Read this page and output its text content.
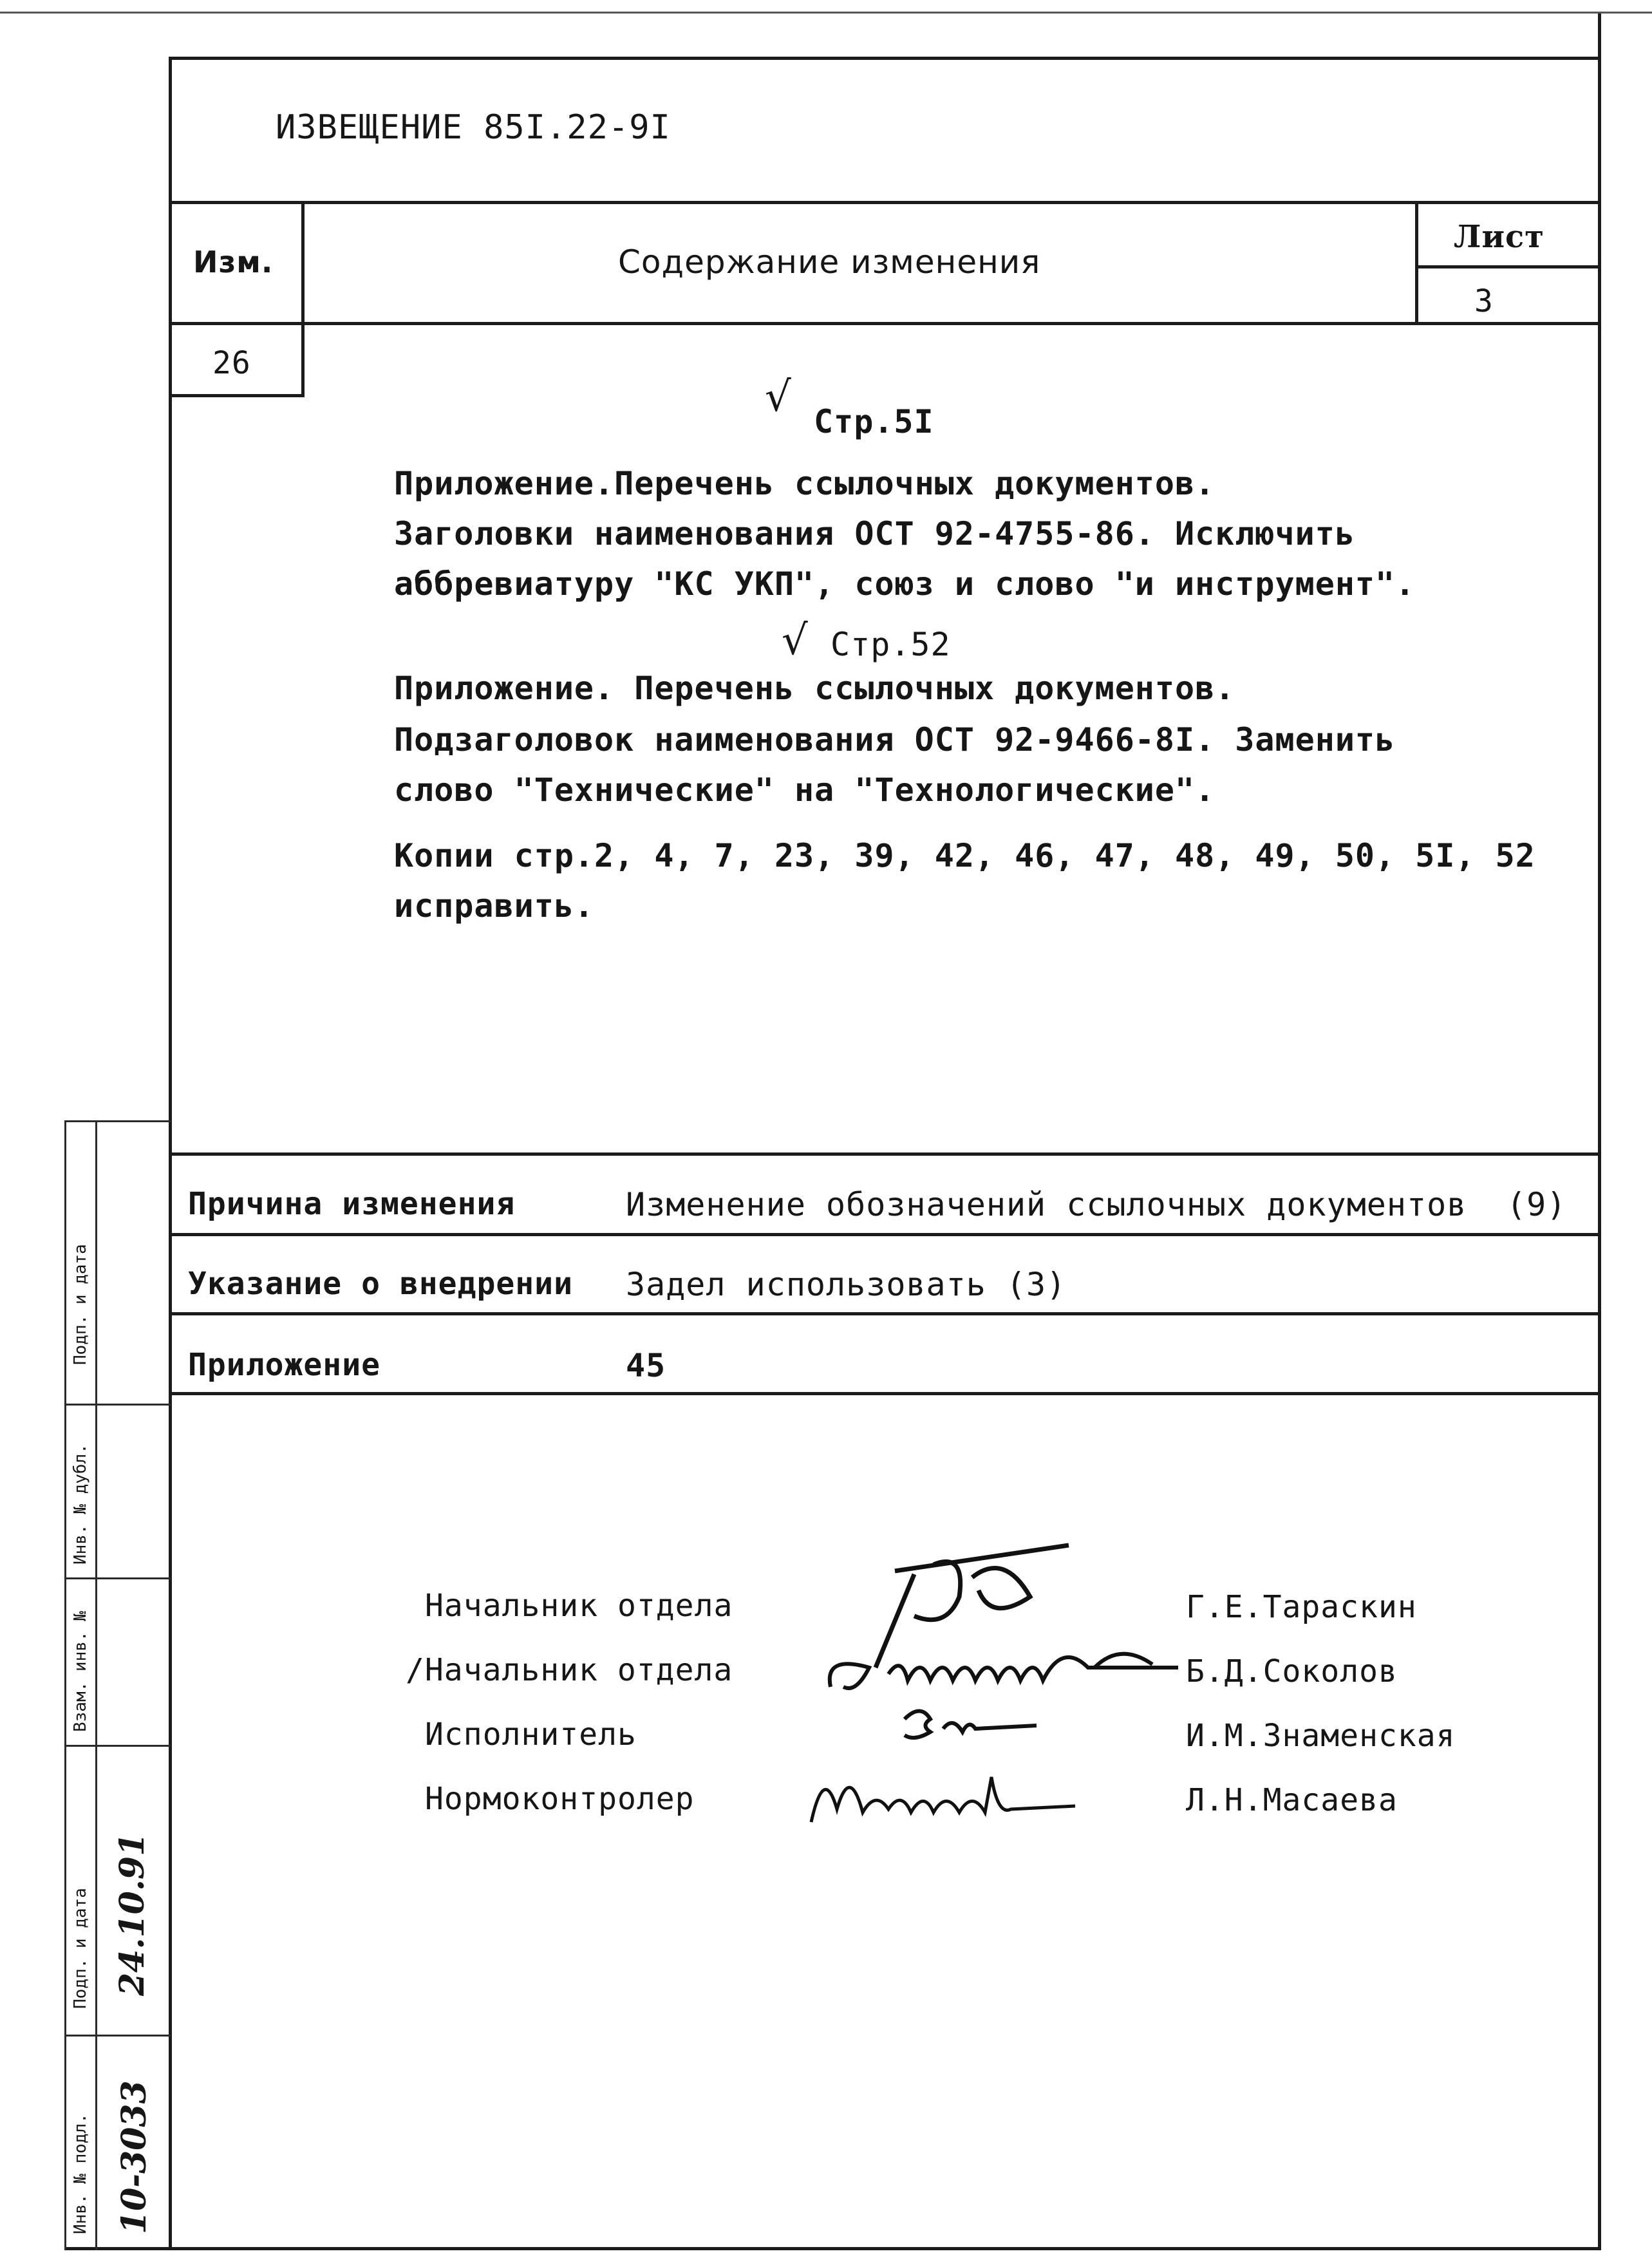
ИЗВЕЩЕНИЕ 85I.22-9I
Изм.	Содержание изменения
Лист
3
26
√
Стр.5I
Приложение.Перечень ссылочных документов.
Заголовки наименования ОСТ 92-4755-86. Исключить
аббревиатуру "КС УКП", союз и слово "и инструмент".
√ Стр.52
Приложение. Перечень ссылочных документов.
Подзаголовок наименования ОСТ 92-9466-8I. Заменить
слово "Технические" на "Технологические".
Копии стр.2, 4, 7, 23, 39, 42, 46, 47, 48, 49, 50, 5I, 52
исправить.
Причина изменения	Изменение обозначений ссылочных документов (9)
Указание о внедрении Задел использовать (3)
Приложение	45
Начальник отдела	Г.Е.Тараскин
/Начальник отдела	Б.Д.Соколов
Исполнитель	И.М.Знаменская
Нормоконтролер	Л.Н.Масаева
Инв. № подл. 10-3033
Подп. и дата 24.10.91
Взам. инв. №
Инв. № дубл.
Подп. и дата
